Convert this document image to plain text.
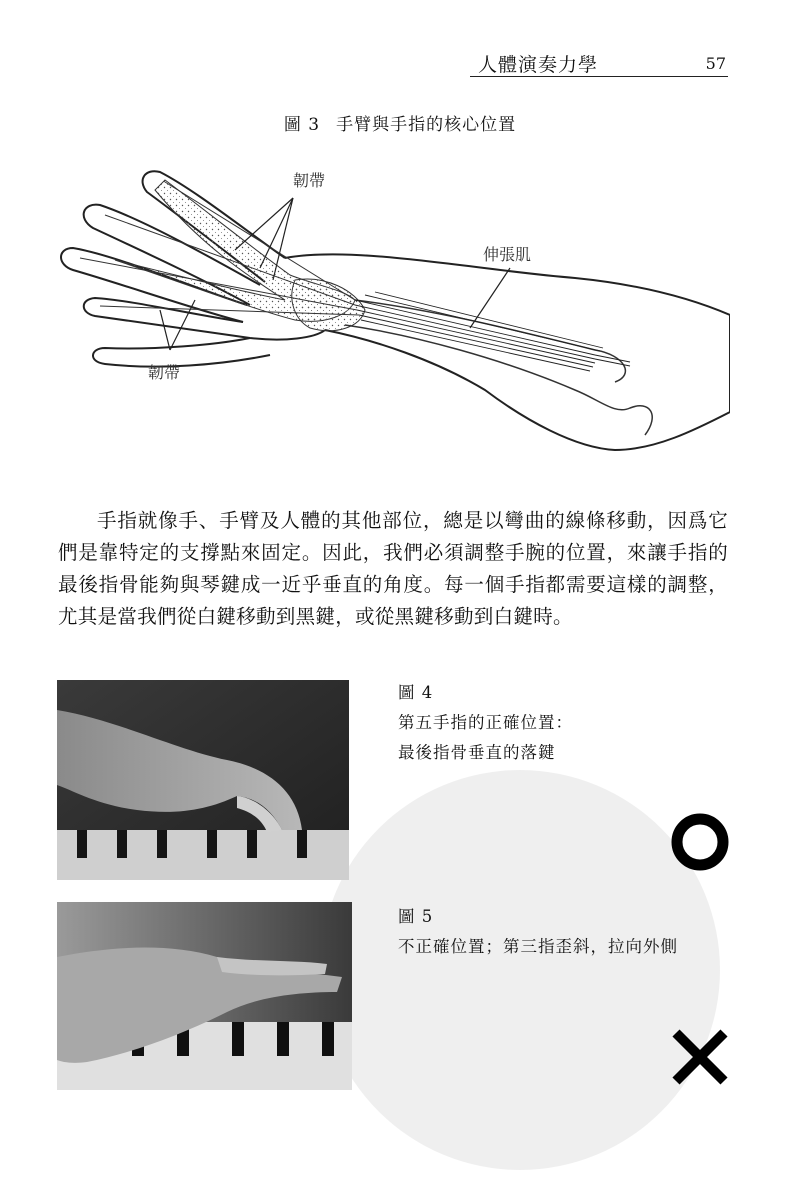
人體演奏力學	57
圖 3 手臂與手指的核心位置
韌帶
伸張肌
韌帶

手指就像手、手臂及人體的其他部位，總是以彎曲的線條移動，因爲它們是靠特定的支撐點來固定。因此，我們必須調整手腕的位置，來讓手指的最後指骨能夠與琴鍵成一近乎垂直的角度。每一個手指都需要這樣的調整，尤其是當我們從白鍵移動到黑鍵，或從黑鍵移動到白鍵時。

圖 4
第五手指的正確位置：
最後指骨垂直的落鍵
圖 5
不正確位置；第三指歪斜，拉向外側
